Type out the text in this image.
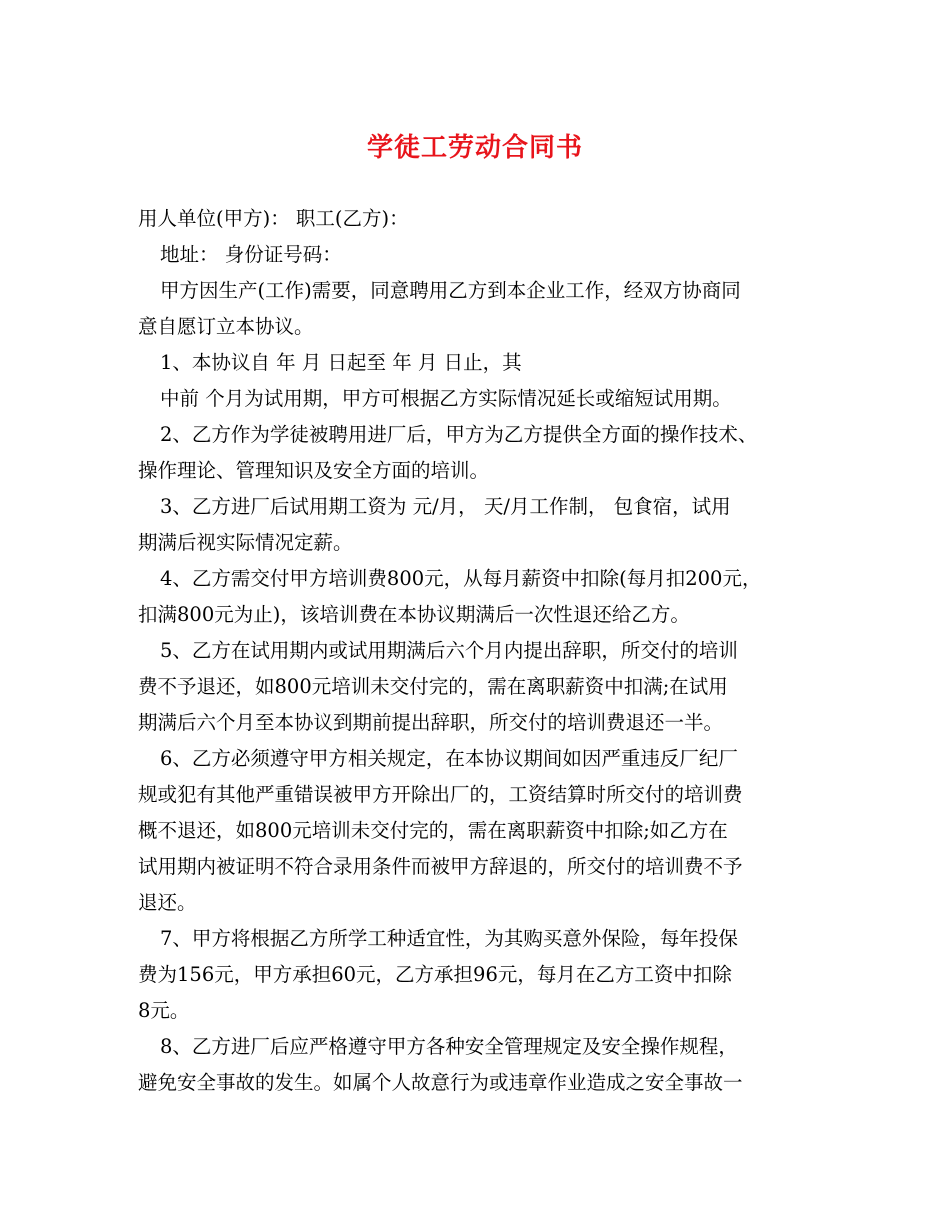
学徒工劳动合同书
用人单位(甲方)： 职工(乙方)：
地址： 身份证号码：
甲方因生产(工作)需要，同意聘用乙方到本企业工作，经双方协商同
意自愿订立本协议。
1、本协议自 年 月 日起至 年 月 日止，其
中前 个月为试用期，甲方可根据乙方实际情况延长或缩短试用期。
2、乙方作为学徒被聘用进厂后，甲方为乙方提供全方面的操作技术、
操作理论、管理知识及安全方面的培训。
3、乙方进厂后试用期工资为 元/月， 天/月工作制， 包食宿，试用
期满后视实际情况定薪。
4、乙方需交付甲方培训费800元，从每月薪资中扣除(每月扣200元，
扣满800元为止)，该培训费在本协议期满后一次性退还给乙方。
5、乙方在试用期内或试用期满后六个月内提出辞职，所交付的培训
费不予退还，如800元培训未交付完的，需在离职薪资中扣满;在试用
期满后六个月至本协议到期前提出辞职，所交付的培训费退还一半。
6、乙方必须遵守甲方相关规定，在本协议期间如因严重违反厂纪厂
规或犯有其他严重错误被甲方开除出厂的，工资结算时所交付的培训费
概不退还，如800元培训未交付完的，需在离职薪资中扣除;如乙方在
试用期内被证明不符合录用条件而被甲方辞退的，所交付的培训费不予
退还。
7、甲方将根据乙方所学工种适宜性，为其购买意外保险，每年投保
费为156元，甲方承担60元，乙方承担96元，每月在乙方工资中扣除
8元。
8、乙方进厂后应严格遵守甲方各种安全管理规定及安全操作规程，
避免安全事故的发生。如属个人故意行为或违章作业造成之安全事故一
